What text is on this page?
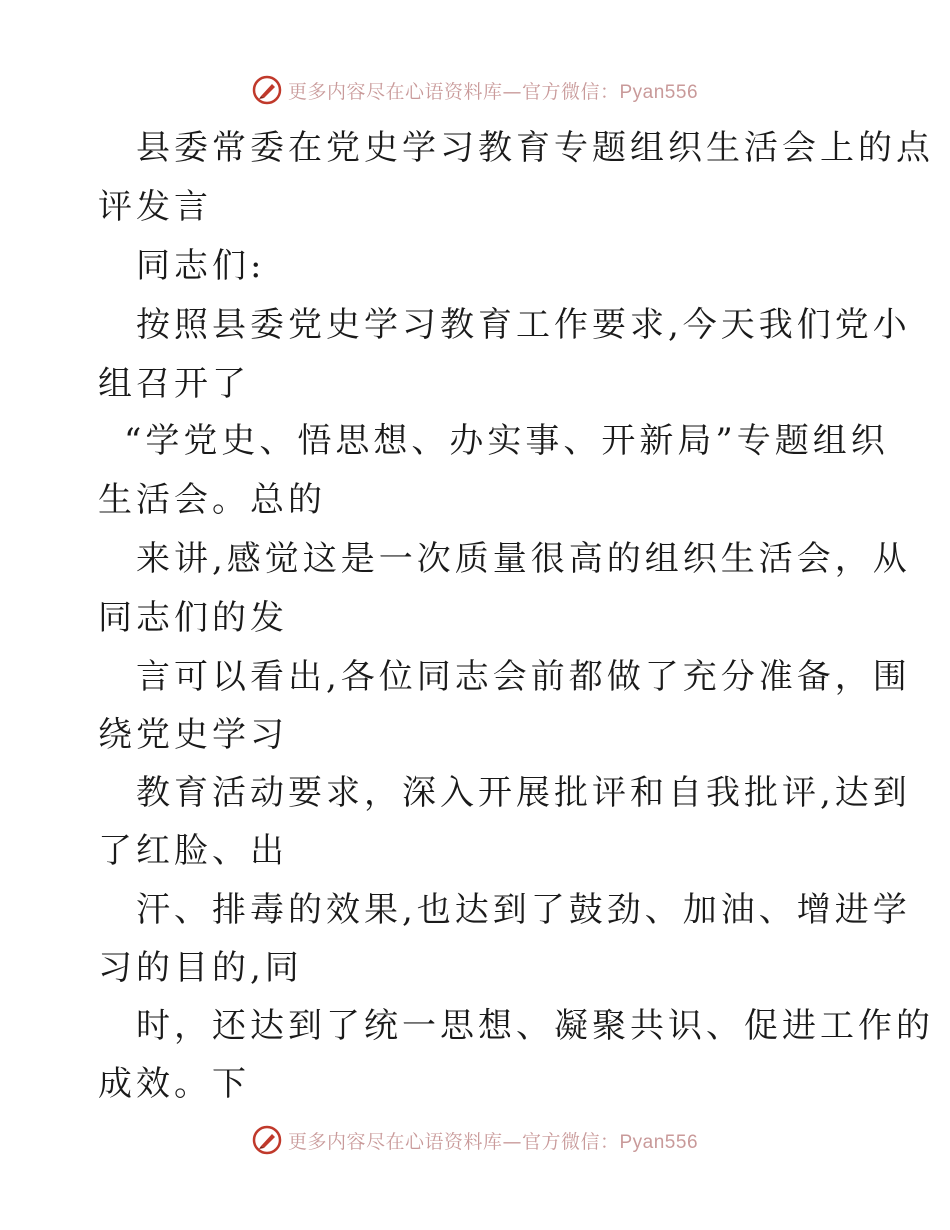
更多内容尽在心语资料库—官方微信：Pyan556
县委常委在党史学习教育专题组织生活会上的点
评发言
同志们:
按照县委党史学习教育工作要求,今天我们党小
组召开了
“学党史、悟思想、办实事、开新局”专题组织
生活会。总的
来讲,感觉这是一次质量很高的组织生活会，从
同志们的发
言可以看出,各位同志会前都做了充分准备，围
绕党史学习
教育活动要求，深入开展批评和自我批评,达到
了红脸、出
汗、排毒的效果,也达到了鼓劲、加油、增进学
习的目的,同
时，还达到了统一思想、凝聚共识、促进工作的
成效。下
更多内容尽在心语资料库—官方微信：Pyan556
